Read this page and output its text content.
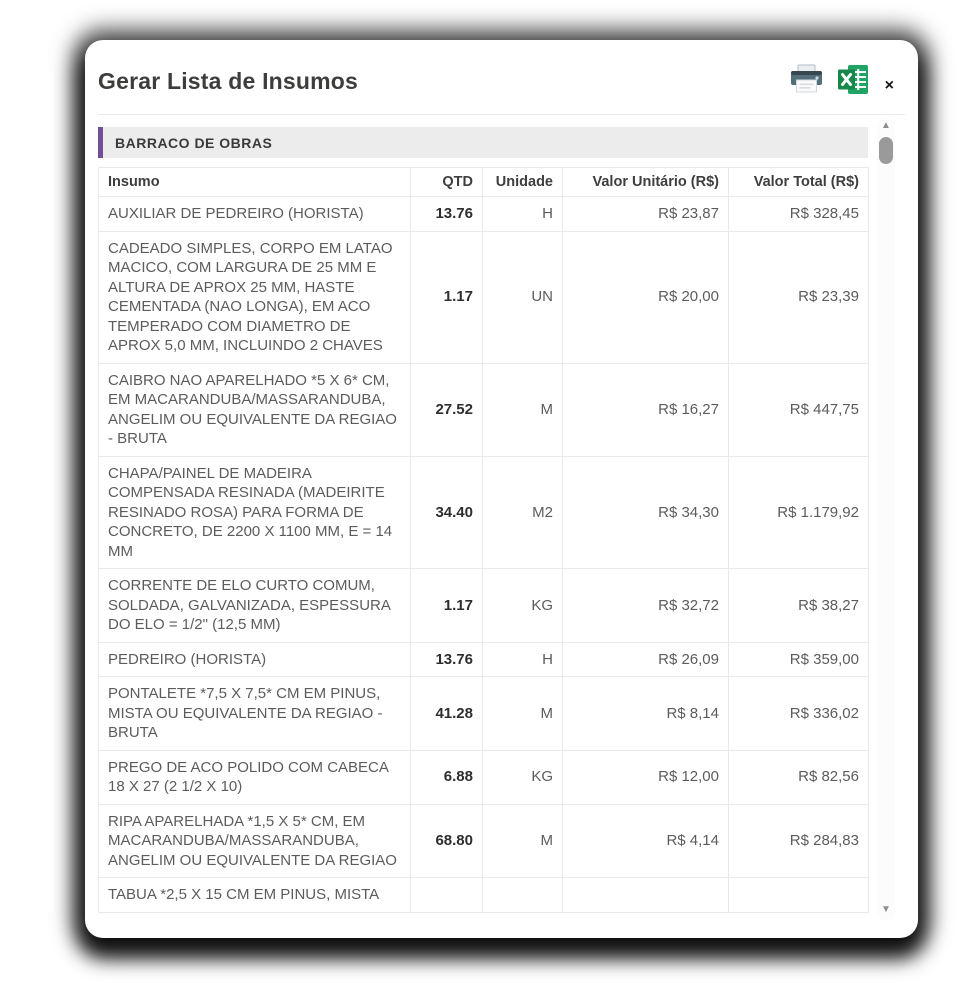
Gerar Lista de Insumos	×
BARRACO DE OBRAS
Insumo	QTD	Unidade	Valor Unitário (R$)	Valor Total (R$)
AUXILIAR DE PEDREIRO (HORISTA)	13.76	H	R$ 23,87	R$ 328,45
CADEADO SIMPLES, CORPO EM LATAO MACICO, COM LARGURA DE 25 MM E ALTURA DE APROX 25 MM, HASTE CEMENTADA (NAO LONGA), EM ACO TEMPERADO COM DIAMETRO DE APROX 5,0 MM, INCLUINDO 2 CHAVES	1.17	UN	R$ 20,00	R$ 23,39
CAIBRO NAO APARELHADO *5 X 6* CM, EM MACARANDUBA/MASSARANDUBA, ANGELIM OU EQUIVALENTE DA REGIAO - BRUTA	27.52	M	R$ 16,27	R$ 447,75
CHAPA/PAINEL DE MADEIRA COMPENSADA RESINADA (MADEIRITE RESINADO ROSA) PARA FORMA DE CONCRETO, DE 2200 X 1100 MM, E = 14 MM	34.40	M2	R$ 34,30	R$ 1.179,92
CORRENTE DE ELO CURTO COMUM, SOLDADA, GALVANIZADA, ESPESSURA DO ELO = 1/2" (12,5 MM)	1.17	KG	R$ 32,72	R$ 38,27
PEDREIRO (HORISTA)	13.76	H	R$ 26,09	R$ 359,00
PONTALETE *7,5 X 7,5* CM EM PINUS, MISTA OU EQUIVALENTE DA REGIAO - BRUTA	41.28	M	R$ 8,14	R$ 336,02
PREGO DE ACO POLIDO COM CABECA 18 X 27 (2 1/2 X 10)	6.88	KG	R$ 12,00	R$ 82,56
RIPA APARELHADA *1,5 X 5* CM, EM MACARANDUBA/MASSARANDUBA, ANGELIM OU EQUIVALENTE DA REGIAO	68.80	M	R$ 4,14	R$ 284,83
TABUA *2,5 X 15 CM EM PINUS, MISTA				
▲
▼
